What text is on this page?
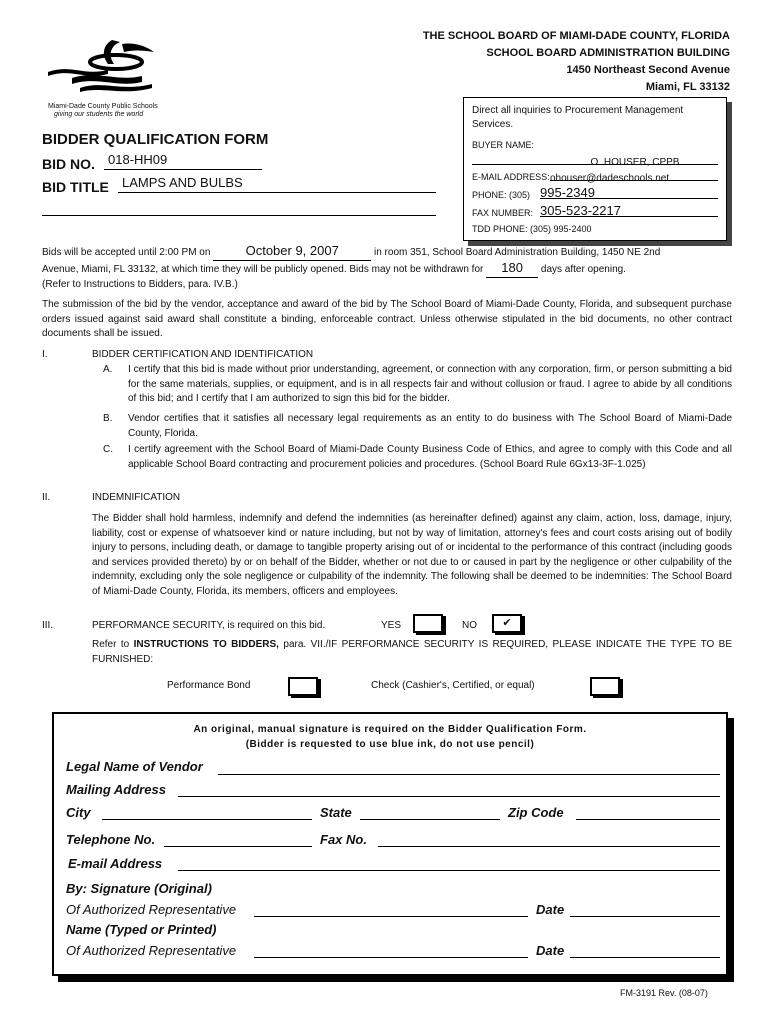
Miami-Dade County Public Schools
giving our students the world
THE SCHOOL BOARD OF MIAMI-DADE COUNTY, FLORIDA
SCHOOL BOARD ADMINISTRATION BUILDING
1450 Northeast Second Avenue
Miami, FL 33132
Direct all inquiries to Procurement Management Services.
BUYER NAME:
O. HOUSER, CPPB
E-MAIL ADDRESS: ohouser@dadeschools.net
PHONE: (305) 995-2349
FAX NUMBER: 305-523-2217
TDD PHONE: (305) 995-2400
BIDDER QUALIFICATION FORM
BID NO.	018-HH09
BID TITLE	LAMPS AND BULBS
Bids will be accepted until 2:00 PM on	October 9, 2007	in room 351, School Board Administration Building, 1450 NE 2nd
Avenue, Miami, FL 33132, at which time they will be publicly opened. Bids may not be withdrawn for 180 days after opening.
(Refer to Instructions to Bidders, para. IV.B.)
The submission of the bid by the vendor, acceptance and award of the bid by The School Board of Miami-Dade County, Florida, and subsequent purchase orders issued against said award shall constitute a binding, enforceable contract. Unless otherwise stipulated in the bid documents, no other contract documents shall be issued.
I.	BIDDER CERTIFICATION AND IDENTIFICATION
A. I certify that this bid is made without prior understanding, agreement, or connection with any corporation, firm, or person submitting a bid for the same materials, supplies, or equipment, and is in all respects fair and without collusion or fraud. I agree to abide by all conditions of this bid; and I certify that I am authorized to sign this bid for the bidder.
B. Vendor certifies that it satisfies all necessary legal requirements as an entity to do business with The School Board of Miami-Dade County, Florida.
C. I certify agreement with the School Board of Miami-Dade County Business Code of Ethics, and agree to comply with this Code and all applicable School Board contracting and procurement policies and procedures. (School Board Rule 6Gx13-3F-1.025)
II.	INDEMNIFICATION
The Bidder shall hold harmless, indemnify and defend the indemnities (as hereinafter defined) against any claim, action, loss, damage, injury, liability, cost or expense of whatsoever kind or nature including, but not by way of limitation, attorney's fees and court costs arising out of bodily injury to persons, including death, or damage to tangible property arising out of or incidental to the performance of this contract (including goods and services provided thereto) by or on behalf of the Bidder, whether or not due to or caused in part by the negligence or other culpability of the indemnity, excluding only the sole negligence or culpability of the indemnity. The following shall be deemed to be indemnities: The School Board of Miami-Dade County, Florida, its members, officers and employees.
III.	PERFORMANCE SECURITY, is required on this bid.	YES	NO	✔
Refer to INSTRUCTIONS TO BIDDERS, para. VII./IF PERFORMANCE SECURITY IS REQUIRED, PLEASE INDICATE THE TYPE TO BE FURNISHED:
Performance Bond	Check (Cashier's, Certified, or equal)
An original, manual signature is required on the Bidder Qualification Form.
(Bidder is requested to use blue ink, do not use pencil)
Legal Name of Vendor
Mailing Address
City	State	Zip Code
Telephone No.	Fax No.
E-mail Address
By: Signature (Original)
Of Authorized Representative	Date
Name (Typed or Printed)
Of Authorized Representative	Date
FM-3191 Rev. (08-07)
